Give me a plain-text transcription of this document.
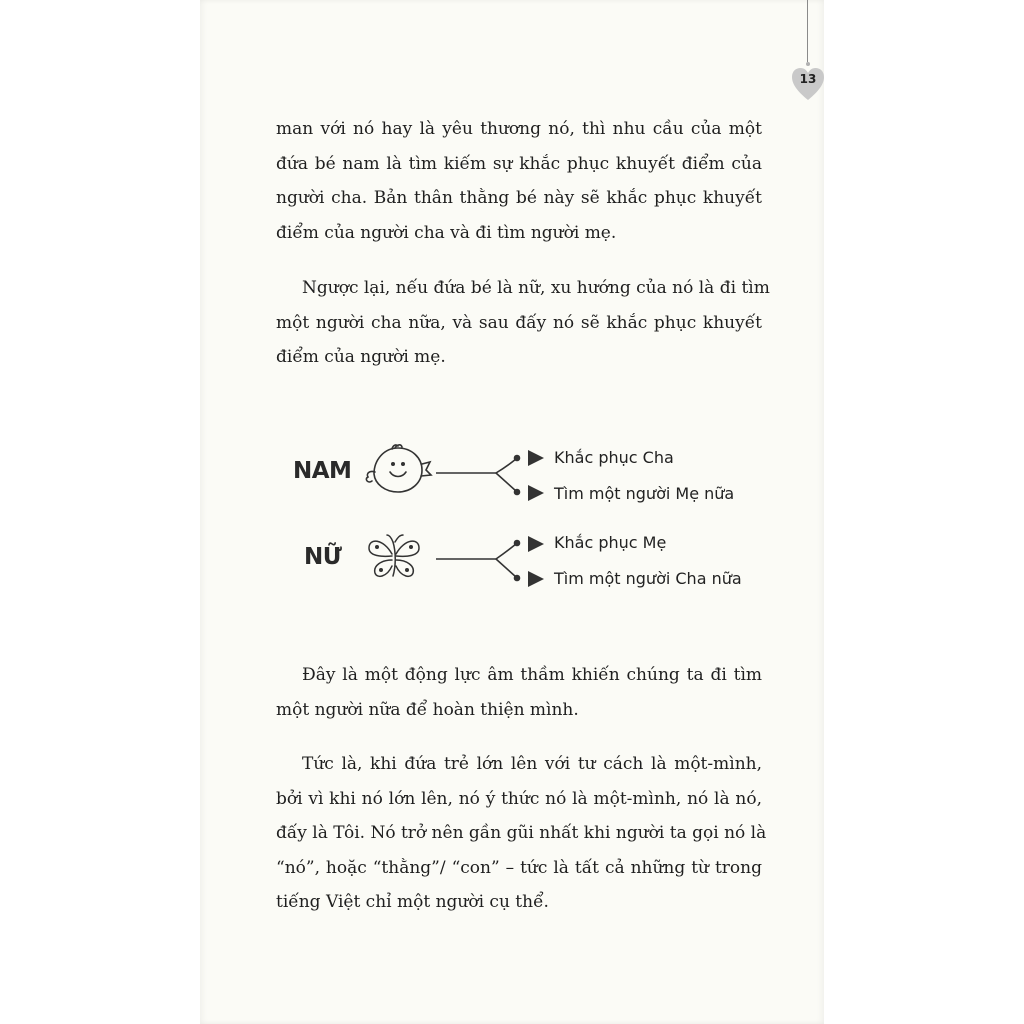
13
man với nó hay là yêu thương nó, thì nhu cầu của một
đứa bé nam là tìm kiếm sự khắc phục khuyết điểm của
người cha. Bản thân thằng bé này sẽ khắc phục khuyết
điểm của người cha và đi tìm người mẹ.
Ngược lại, nếu đứa bé là nữ, xu hướng của nó là đi tìm
một người cha nữa, và sau đấy nó sẽ khắc phục khuyết
điểm của người mẹ.
NAM
Khắc phục Cha
Tìm một người Mẹ nữa
NỮ
Khắc phục Mẹ
Tìm một người Cha nữa
Đây là một động lực âm thầm khiến chúng ta đi tìm
một người nữa để hoàn thiện mình.
Tức là, khi đứa trẻ lớn lên với tư cách là một-mình,
bởi vì khi nó lớn lên, nó ý thức nó là một-mình, nó là nó,
đấy là Tôi. Nó trở nên gần gũi nhất khi người ta gọi nó là
“nó”, hoặc “thằng”/ “con” – tức là tất cả những từ trong
tiếng Việt chỉ một người cụ thể.
